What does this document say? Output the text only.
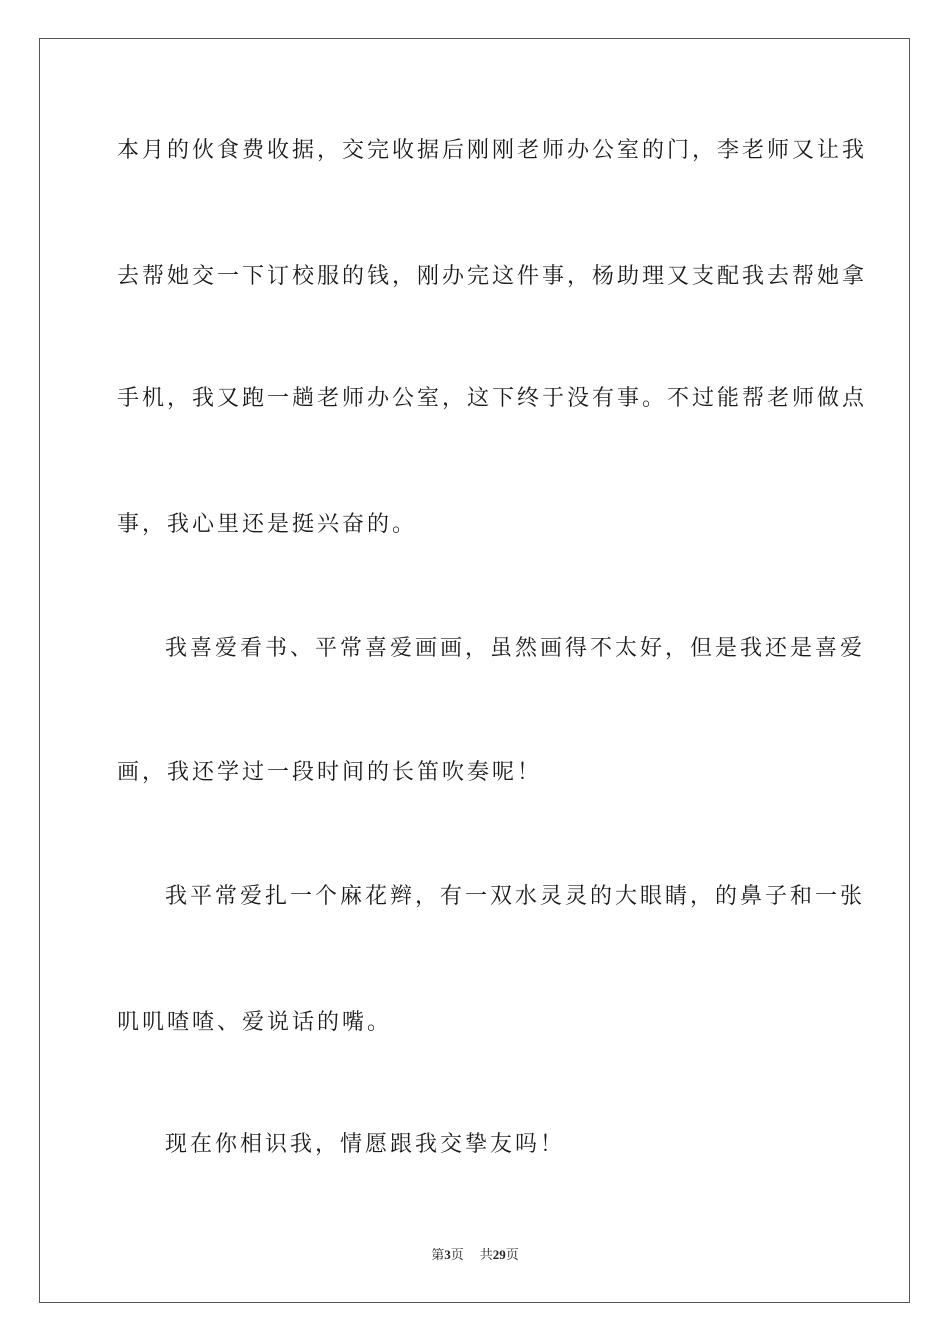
本月的伙食费收据，交完收据后刚刚老师办公室的门，李老师又让我
去帮她交一下订校服的钱，刚办完这件事，杨助理又支配我去帮她拿
手机，我又跑一趟老师办公室，这下终于没有事。不过能帮老师做点
事，我心里还是挺兴奋的。
我喜爱看书、平常喜爱画画，虽然画得不太好，但是我还是喜爱
画，我还学过一段时间的长笛吹奏呢！
我平常爱扎一个麻花辫，有一双水灵灵的大眼睛，的鼻子和一张
叽叽喳喳、爱说话的嘴。
现在你相识我，情愿跟我交挚友吗！
第3页 共29页
